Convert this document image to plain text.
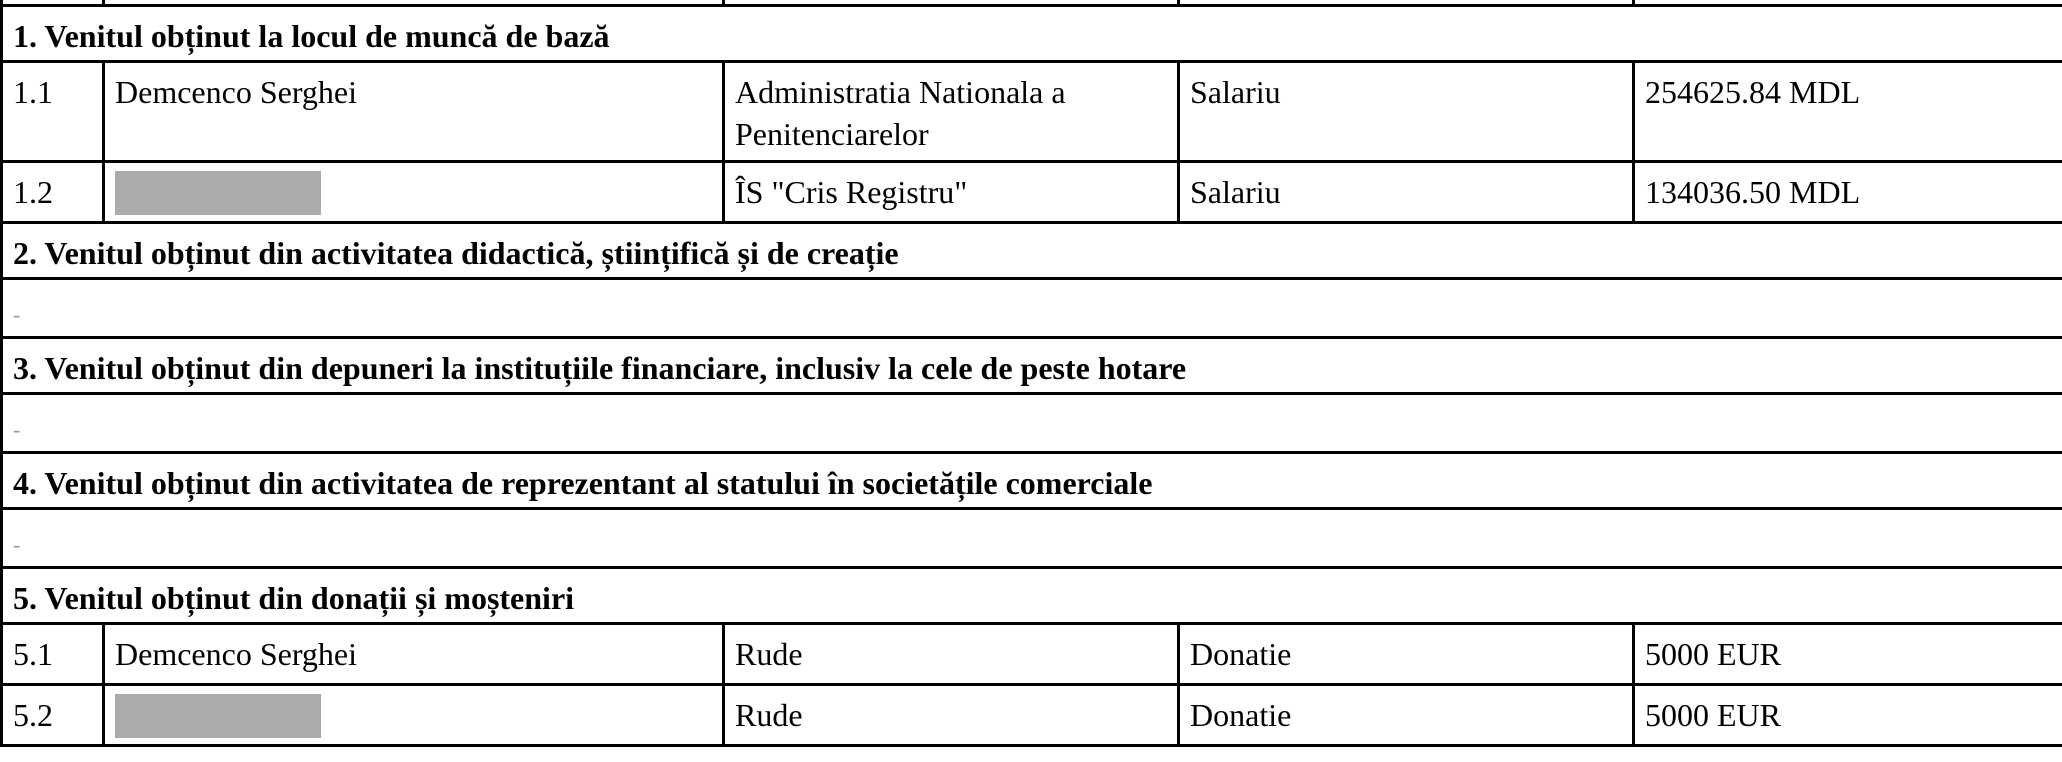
1. Venitul obținut la locul de muncă de bază				
1.1	Demcenco Serghei	Administratia Nationala a Penitenciarelor	Salariu	254625.84 MDL
1.2		ÎS "Cris Registru"	Salariu	134036.50 MDL
2. Venitul obținut din activitatea didactică, științifică și de creație				
-				
3. Venitul obținut din depuneri la instituțiile financiare, inclusiv la cele de peste hotare				
-				
4. Venitul obținut din activitatea de reprezentant al statului în societățile comerciale				
-				
5. Venitul obținut din donații și moșteniri				
5.1	Demcenco Serghei	Rude	Donatie	5000 EUR
5.2		Rude	Donatie	5000 EUR
